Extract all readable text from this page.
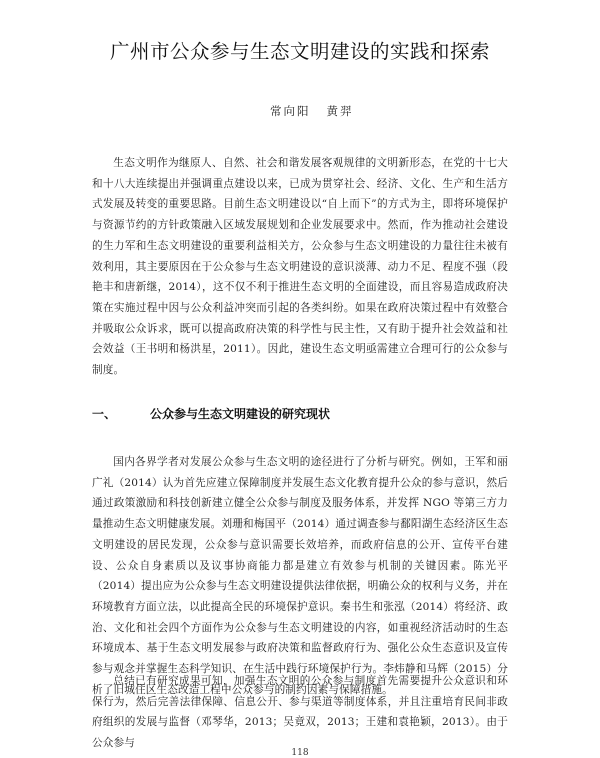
广州市公众参与生态文明建设的实践和探索
常向阳 黄羿
生态文明作为继原人、自然、社会和谐发展客观规律的文明新形态，在党的十七大和十八大连续提出并强调重点建设以来，已成为贯穿社会、经济、文化、生产和生活方式发展及转变的重要思路。目前生态文明建设以“自上而下”的方式为主，即将环境保护与资源节约的方针政策融入区域发展规划和企业发展要求中。然而，作为推动社会建设的生力军和生态文明建设的重要利益相关方，公众参与生态文明建设的力量往往未被有效利用，其主要原因在于公众参与生态文明建设的意识淡薄、动力不足、程度不强（段艳丰和唐新继，2014），这不仅不利于推进生态文明的全面建设，而且容易造成政府决策在实施过程中因与公众利益冲突而引起的各类纠纷。如果在政府决策过程中有效整合并吸取公众诉求，既可以提高政府决策的科学性与民主性，又有助于提升社会效益和社会效益（王书明和杨洪星，2011）。因此，建设生态文明亟需建立合理可行的公众参与制度。
一、	公众参与生态文明建设的研究现状
国内各界学者对发展公众参与生态文明的途径进行了分析与研究。例如，王军和丽广礼（2014）认为首先应建立保障制度并发展生态文化教育提升公众的参与意识，然后通过政策激励和科技创新建立健全公众参与制度及服务体系，并发挥 NGO 等第三方力量推动生态文明健康发展。刘珊和梅国平（2014）通过调查参与鄱阳湖生态经济区生态文明建设的居民发现，公众参与意识需要长效培养，而政府信息的公开、宣传平台建设、公众自身素质以及议事协商能力都是建立有效参与机制的关键因素。陈光平（2014）提出应为公众参与生态文明建设提供法律依据，明确公众的权利与义务，并在环境教育方面立法，以此提高全民的环境保护意识。秦书生和张泓（2014）将经济、政治、文化和社会四个方面作为公众参与生态文明建设的内容，如重视经济活动时的生态环境成本、基于生态文明发展参与政府决策和监督政府行为、强化公众生态意识及宣传参与观念并掌握生态科学知识、在生活中践行环境保护行为。李炜静和马辉（2015）分析了旧城住区生态改造工程中公众参与的制约因素与保障措施。
总结已有研究成果可知，加强生态文明的公众参与制度首先需要提升公众意识和环保行为，然后完善法律保障、信息公开、参与渠道等制度体系，并且注重培育民间非政府组织的发展与监督（邓琴华，2013；吴竟双，2013；王建和袁艳颖，2013）。由于公众参与
118
